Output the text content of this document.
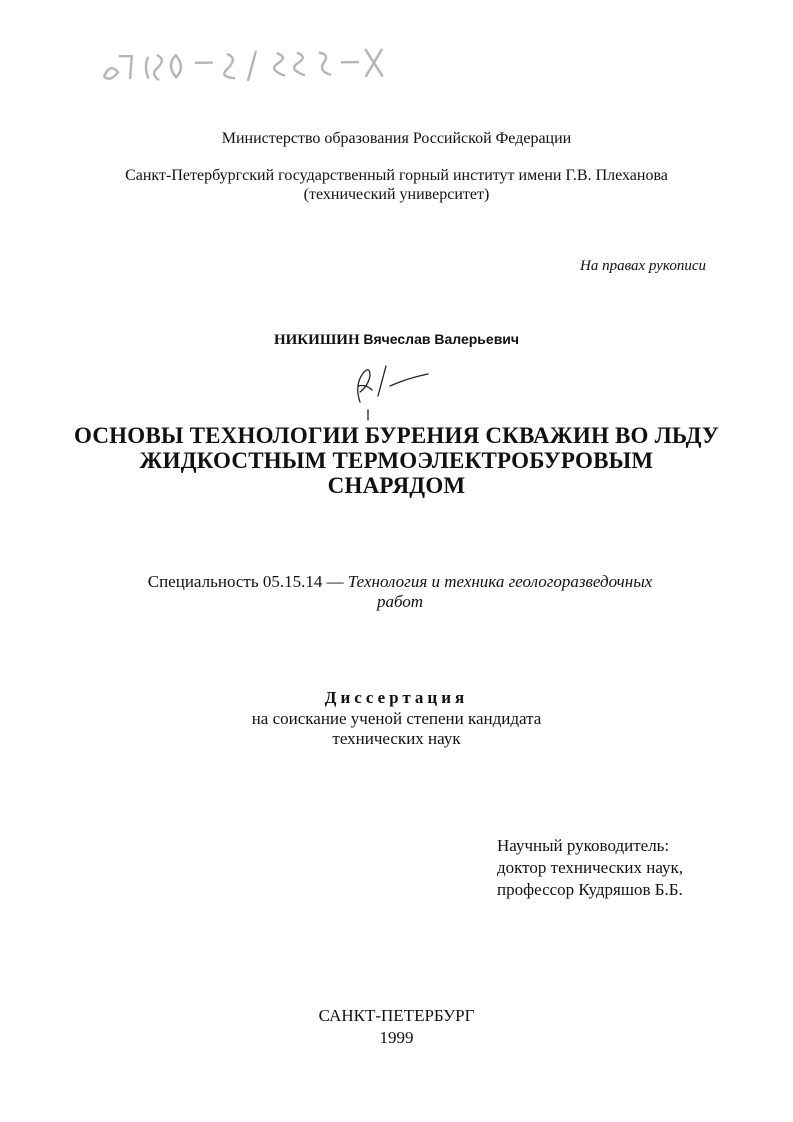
Министерство образования Российской Федерации
Санкт-Петербургский государственный горный институт имени Г.В. Плеханова
(технический университет)
На правах рукописи
НИКИШИН Вячеслав Валерьевич
ОСНОВЫ ТЕХНОЛОГИИ БУРЕНИЯ СКВАЖИН ВО ЛЬДУ
ЖИДКОСТНЫМ ТЕРМОЭЛЕКТРОБУРОВЫМ
СНАРЯДОМ
Специальность 05.15.14 — Технология и техника геологоразведочных
работ
Диссертация
на соискание ученой степени кандидата
технических наук
Научный руководитель:
доктор технических наук,
профессор Кудряшов Б.Б.
САНКТ-ПЕТЕРБУРГ
1999
